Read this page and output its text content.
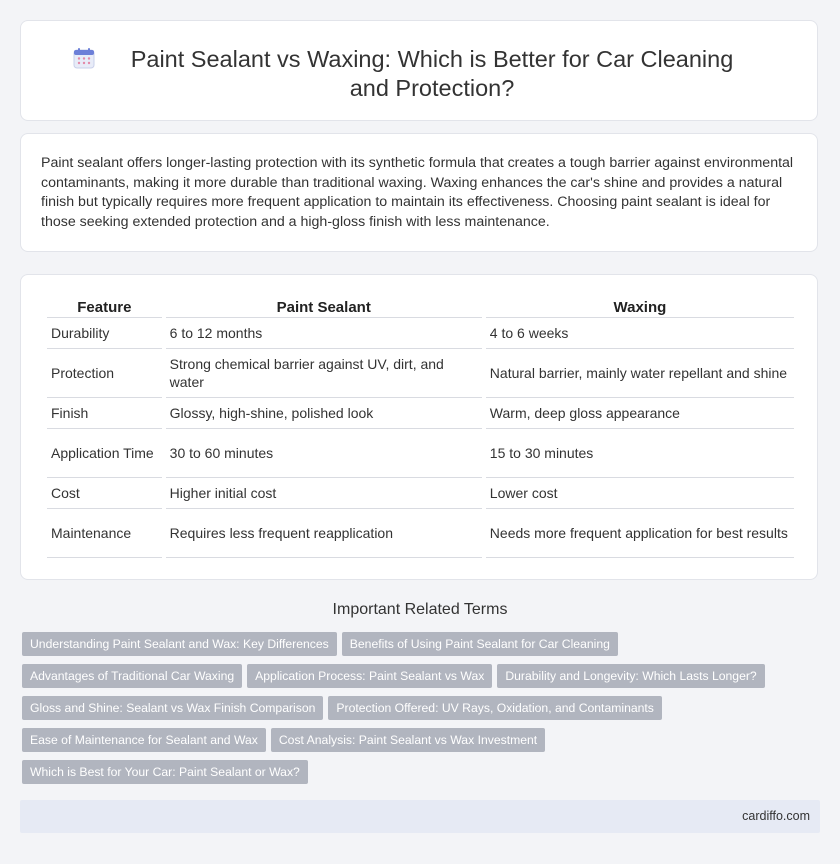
Paint Sealant vs Waxing: Which is Better for Car Cleaning and Protection?

Paint sealant offers longer-lasting protection with its synthetic formula that creates a tough barrier against environmental contaminants, making it more durable than traditional waxing. Waxing enhances the car's shine and provides a natural finish but typically requires more frequent application to maintain its effectiveness. Choosing paint sealant is ideal for those seeking extended protection and a high-gloss finish with less maintenance.

Feature	Paint Sealant	Waxing
Durability	6 to 12 months	4 to 6 weeks
Protection	Strong chemical barrier against UV, dirt, and water	Natural barrier, mainly water repellant and shine
Finish	Glossy, high-shine, polished look	Warm, deep gloss appearance
Application Time	30 to 60 minutes	15 to 30 minutes
Cost	Higher initial cost	Lower cost
Maintenance	Requires less frequent reapplication	Needs more frequent application for best results
Important Related Terms
Understanding Paint Sealant and Wax: Key Differences Benefits of Using Paint Sealant for Car Cleaning
Advantages of Traditional Car Waxing Application Process: Paint Sealant vs Wax Durability and Longevity: Which Lasts Longer?
Gloss and Shine: Sealant vs Wax Finish Comparison Protection Offered: UV Rays, Oxidation, and Contaminants
Ease of Maintenance for Sealant and Wax Cost Analysis: Paint Sealant vs Wax Investment
Which is Best for Your Car: Paint Sealant or Wax?
cardiffo.com
